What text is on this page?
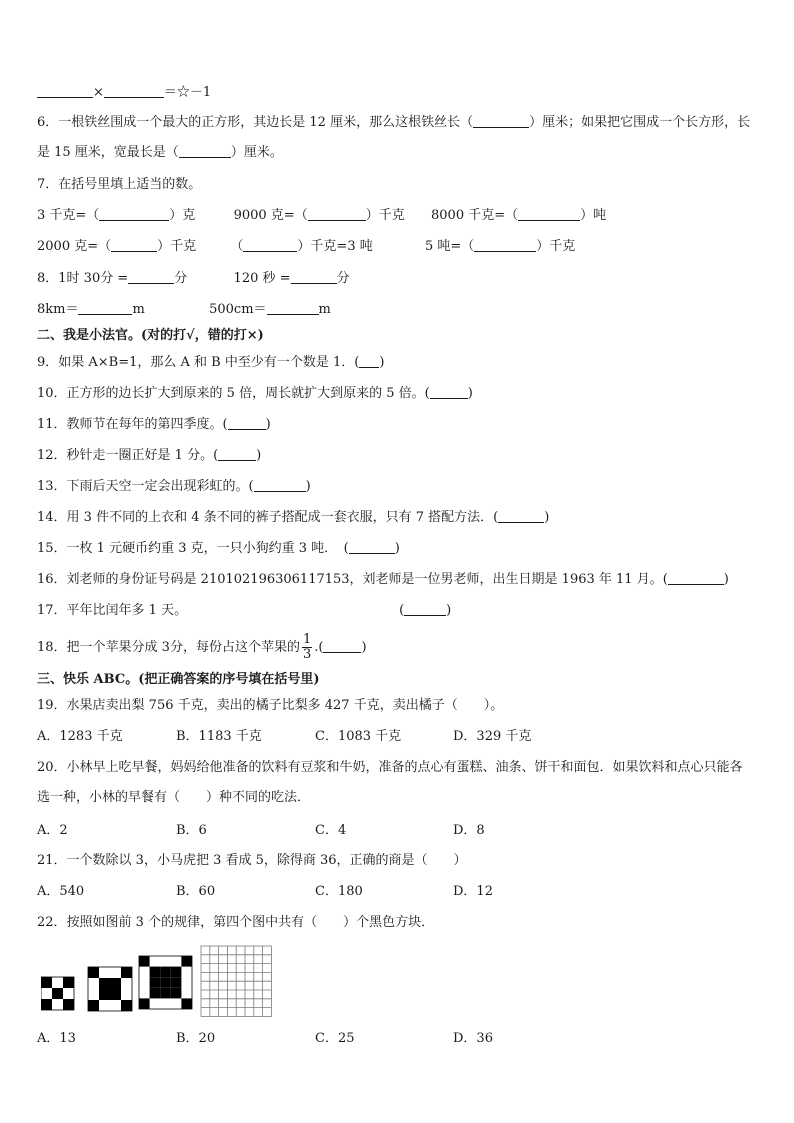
×	＝☆－1
6．一根铁丝围成一个最大的正方形，其边长是 12 厘米，那么这根铁丝长（	）厘米；如果把它围成一个长方形，长是 15 厘米，宽最长是（	）厘米。
7．在括号里填上适当的数。
3 千克=（	）克	9000 克=（	）千克 8000 千克=（	）吨
2000 克=（	）千克	（	）千克=3 吨	5 吨=（	）千克
8．1时 30分 =	分	120 秒 =	分
8km＝	m	500cm＝	m
二、我是小法官。(对的打√，错的打×)
9．如果 A×B=1，那么 A 和 B 中至少有一个数是 1．( )
10．正方形的边长扩大到原来的 5 倍，周长就扩大到原来的 5 倍。(	)
11．教师节在每年的第四季度。(	)
12．秒针走一圈正好是 1 分。(	)
13．下雨后天空一定会出现彩虹的。(	)
14．用 3 件不同的上衣和 4 条不同的裤子搭配成一套衣服，只有 7 搭配方法．(	)
15．一枚 1 元硬币约重 3 克，一只小狗约重 3 吨．　(	)
16．刘老师的身份证号码是 210102196306117153，刘老师是一位男老师，出生日期是 1963 年 11 月。(	)
17．平年比闰年多 1 天。	(	)
18．把一个苹果分成 3分，每份占这个苹果的 $\frac{1}{3}$ .(	)
三、快乐 ABC。(把正确答案的序号填在括号里)
19．水果店卖出梨 756 千克，卖出的橘子比梨多 427 千克，卖出橘子（　　）。
A．1283 千克	B．1183 千克	C．1083 千克	D．329 千克
20．小林早上吃早餐，妈妈给他准备的饮料有豆浆和牛奶，准备的点心有蛋糕、油条、饼干和面包．如果饮料和点心只能各选一种，小林的早餐有（　　）种不同的吃法．
A．2	B．6	C．4	D．8
21．一个数除以 3，小马虎把 3 看成 5，除得商 36，正确的商是（　　）
A．540	B．60	C．180	D．12
22．按照如图前 3 个的规律，第四个图中共有（　　）个黑色方块．
A．13	B．20	C．25	D．36
